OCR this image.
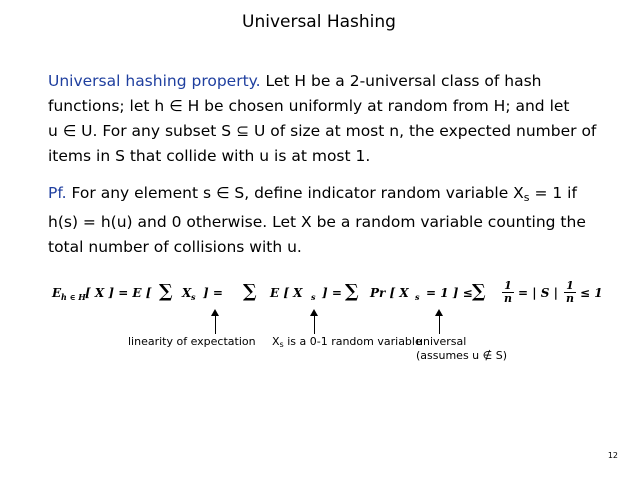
Universal Hashing
Universal hashing property. Let H be a 2-universal class of hash
functions; let h ∈ H be chosen uniformly at random from H; and let
u ∈ U. For any subset S ⊆ U of size at most n, the expected number of
items in S that collide with u is at most 1.
Pf. For any element s ∈ S, define indicator random variable $X_s = 1$ if
h(s) = h(u) and 0 otherwise. Let X be a random variable counting the
total number of collisions with u.
E h ∈ H [ X ] = E [ ∑ X s ] = ∑ E [ X s ] = ∑ Pr [ X s = 1 ] ≤ ∑ $\frac{1}{n}$ = | S | $\frac{1}{n} \le 1$
linearity of expectation Xs is a 0-1 random variable
universal
(assumes u ∉ S)
12
